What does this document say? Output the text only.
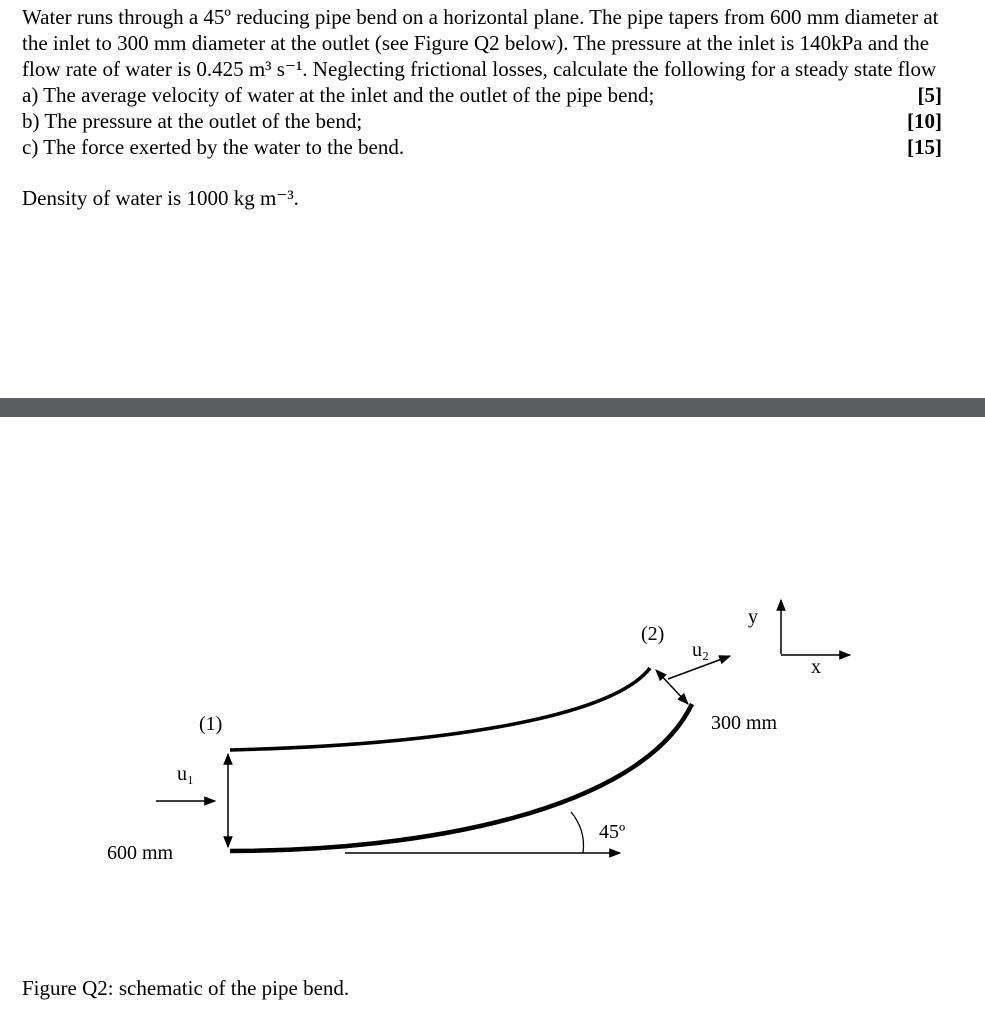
Water runs through a 45º reducing pipe bend on a horizontal plane. The pipe tapers from 600 mm diameter at the inlet to 300 mm diameter at the outlet (see Figure Q2 below). The pressure at the inlet is 140kPa and the flow rate of water is 0.425 m³ s⁻¹. Neglecting frictional losses, calculate the following for a steady state flow

a) The average velocity of water at the inlet and the outlet of the pipe bend;	[5]
b) The pressure at the outlet of the bend;	[10]
c) The force exerted by the water to the bend.	[15]

Density of water is 1000 kg m⁻³.

(1)
(2)
u₁
u₂
600 mm
300 mm
45º
y
x

Figure Q2: schematic of the pipe bend.
